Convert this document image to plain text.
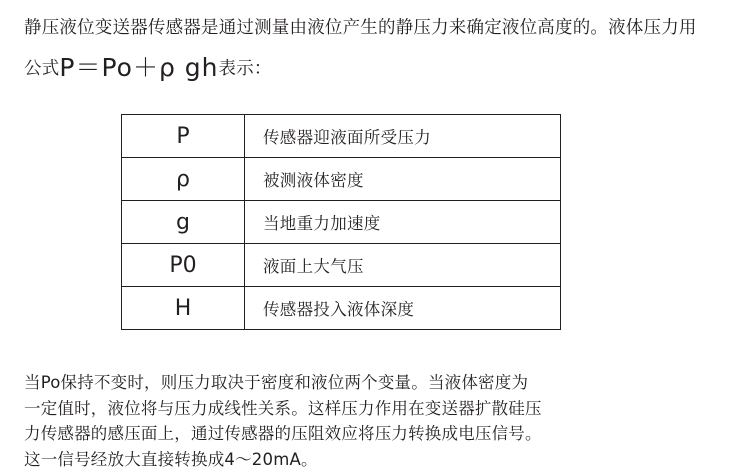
静压液位变送器传感器是通过测量由液位产生的静压力来确定液位高度的。液体压力用公式P＝Po＋ρ gh表示：
P	传感器迎液面所受压力
ρ	被测液体密度
g	当地重力加速度
P0	液面上大气压
H	传感器投入液体深度

当Po保持不变时，则压力取决于密度和液位两个变量。当液体密度为

一定值时，液位将与压力成线性关系。这样压力作用在变送器扩散硅压

力传感器的感压面上，通过传感器的压阻效应将压力转换成电压信号。

这一信号经放大直接转换成4～20mA。
